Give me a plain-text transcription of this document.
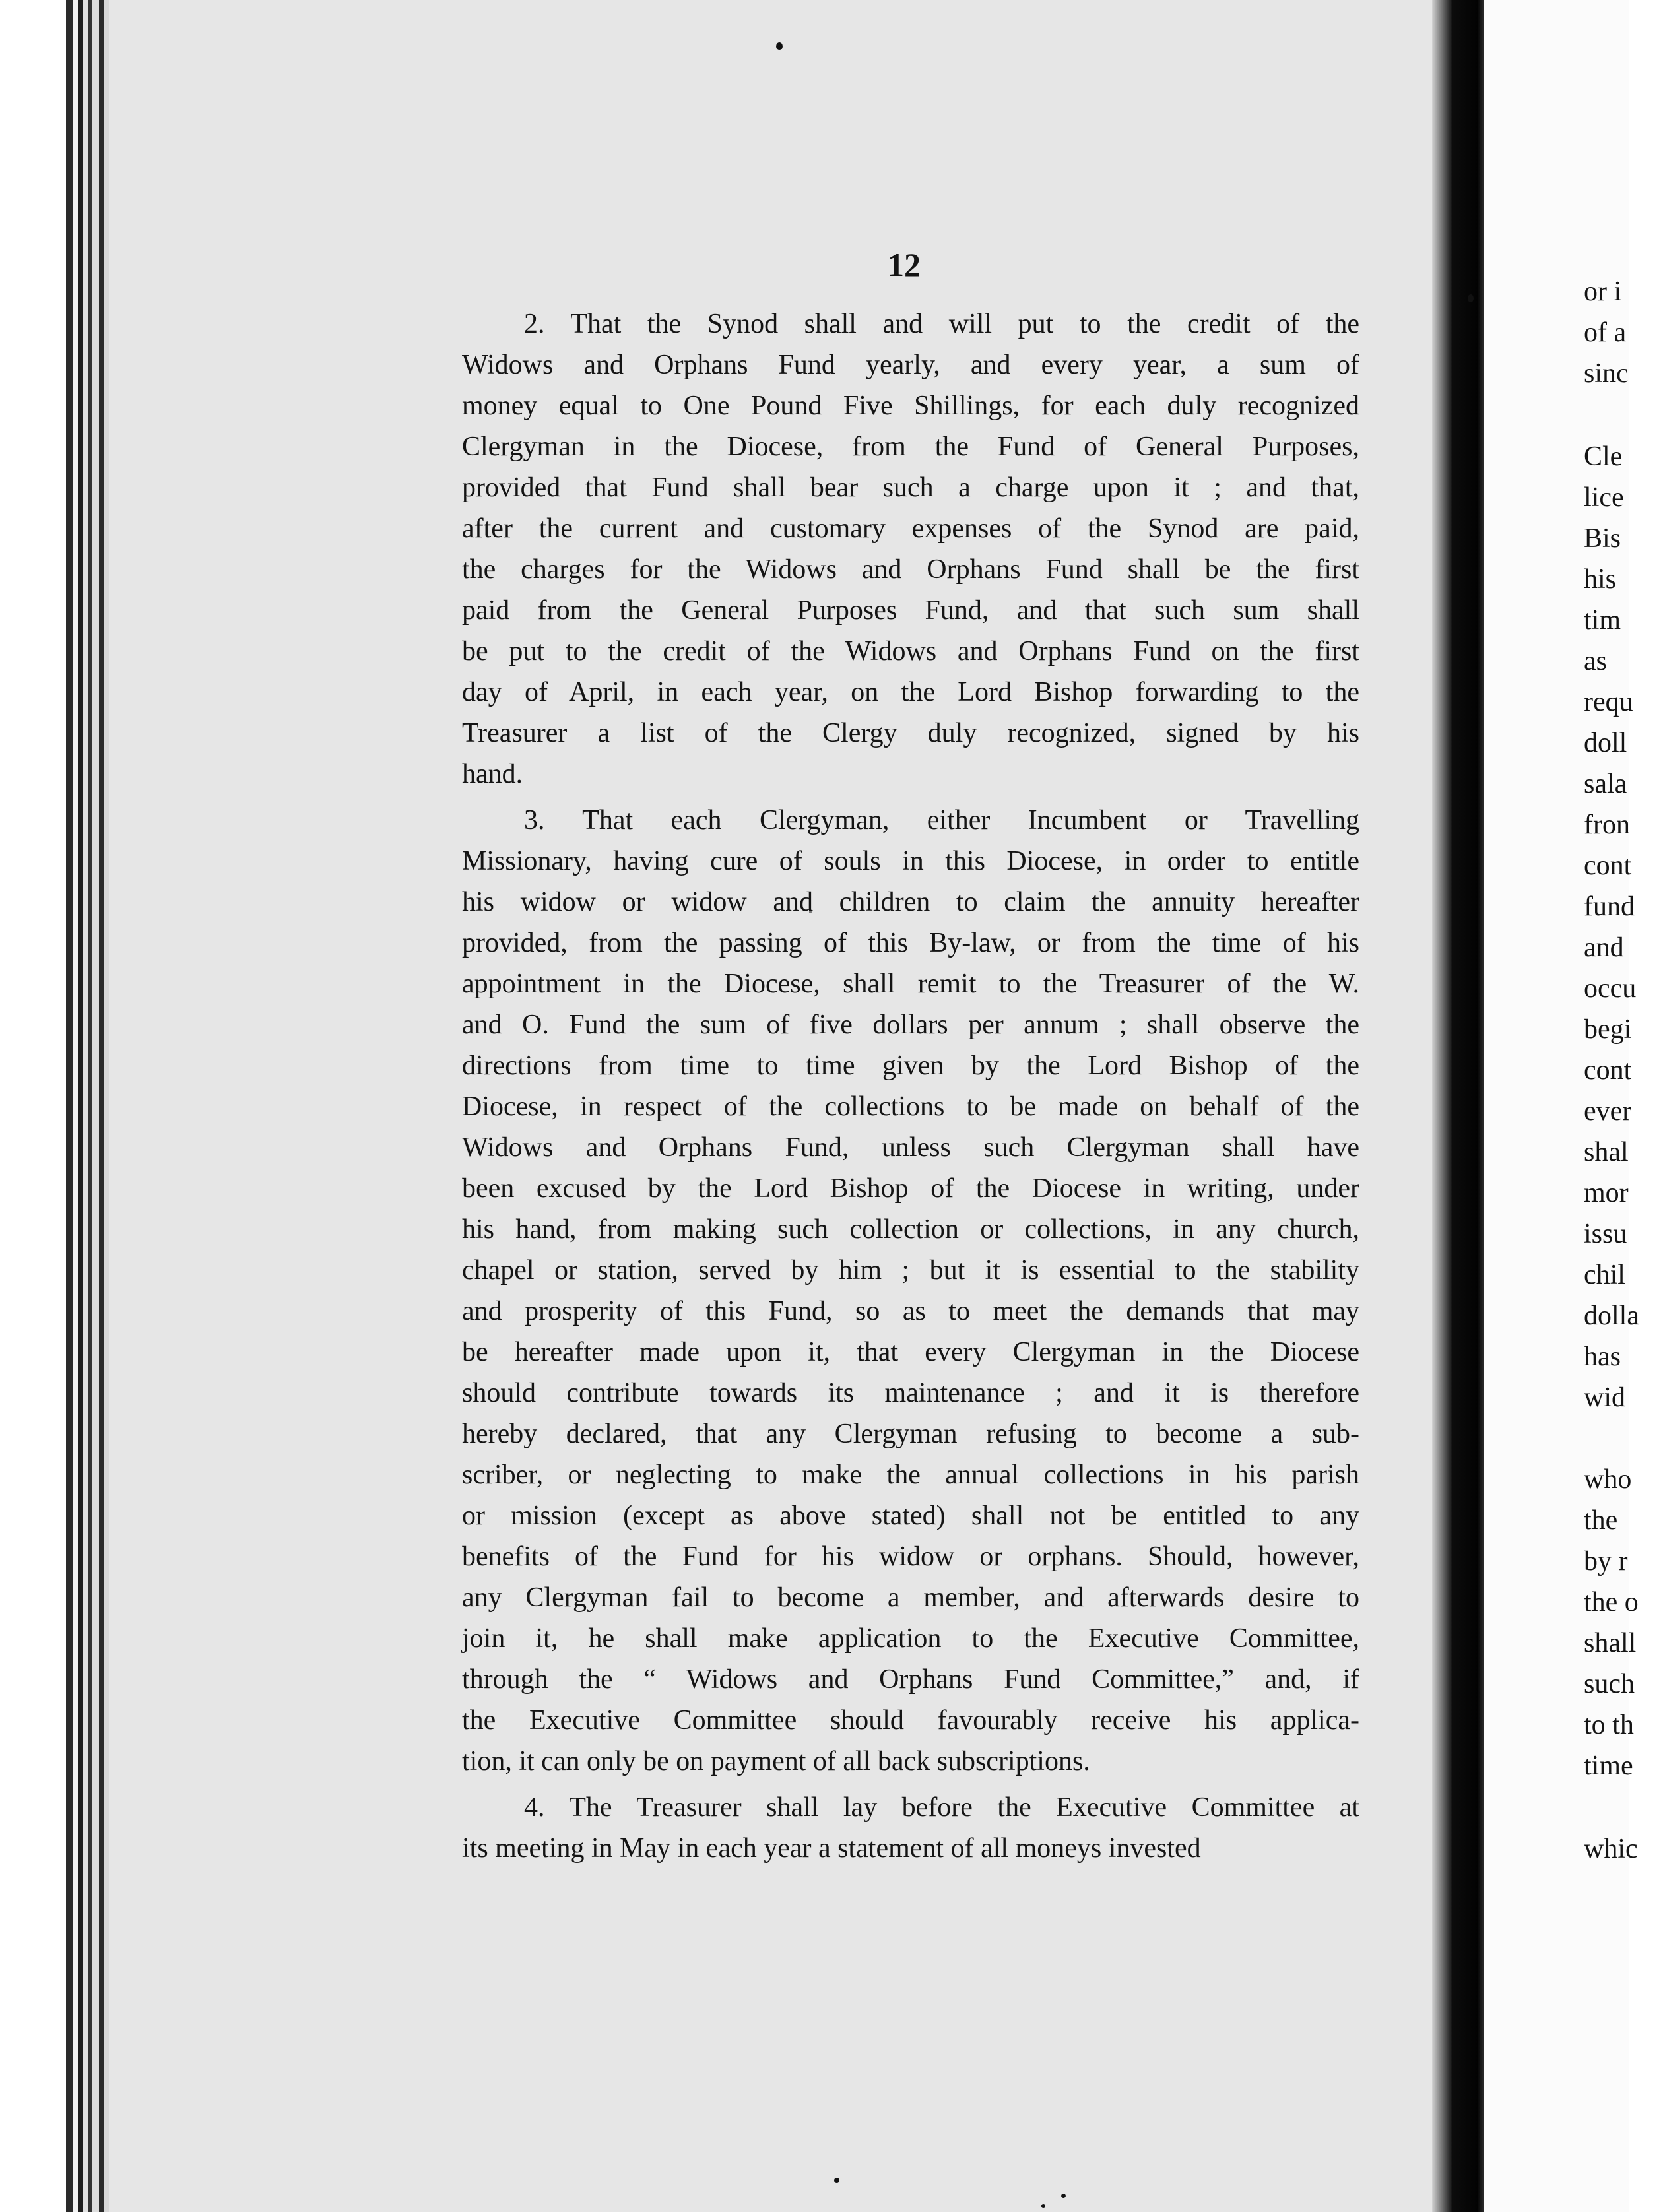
12

2. That the Synod shall and will put to the credit of the
Widows and Orphans Fund yearly, and every year, a sum of
money equal to One Pound Five Shillings, for each duly recognized
Clergyman in the Diocese, from the Fund of General Purposes,
provided that Fund shall bear such a charge upon it ; and that,
after the current and customary expenses of the Synod are paid,
the charges for the Widows and Orphans Fund shall be the first
paid from the General Purposes Fund, and that such sum shall
be put to the credit of the Widows and Orphans Fund on the first
day of April, in each year, on the Lord Bishop forwarding to the
Treasurer a list of the Clergy duly recognized, signed by his
hand.

3. That each Clergyman, either Incumbent or Travelling
Missionary, having cure of souls in this Diocese, in order to entitle
his widow or widow and children to claim the annuity hereafter
provided, from the passing of this By-law, or from the time of his
appointment in the Diocese, shall remit to the Treasurer of the W.
and O. Fund the sum of five dollars per annum ; shall observe the
directions from time to time given by the Lord Bishop of the
Diocese, in respect of the collections to be made on behalf of the
Widows and Orphans Fund, unless such Clergyman shall have
been excused by the Lord Bishop of the Diocese in writing, under
his hand, from making such collection or collections, in any church,
chapel or station, served by him ; but it is essential to the stability
and prosperity of this Fund, so as to meet the demands that may
be hereafter made upon it, that every Clergyman in the Diocese
should contribute towards its maintenance ; and it is therefore
hereby declared, that any Clergyman refusing to become a sub-
scriber, or neglecting to make the annual collections in his parish
or mission (except as above stated) shall not be entitled to any
benefits of the Fund for his widow or orphans. Should, however,
any Clergyman fail to become a member, and afterwards desire to
join it, he shall make application to the Executive Committee,
through the “ Widows and Orphans Fund Committee,” and, if
the Executive Committee should favourably receive his applica-
tion, it can only be on payment of all back subscriptions.

4. The Treasurer shall lay before the Executive Committee at
its meeting in May in each year a statement of all moneys invested

or i
of a
sinc
Cle
lice
Bis
his
tim
as
requ
doll
sala
fron
cont
fund
and
occu
begi
cont
ever
shal
mor
issu
chil
dolla
has
wid
who
the
by r
the o
shall
such
to th
time
whic
